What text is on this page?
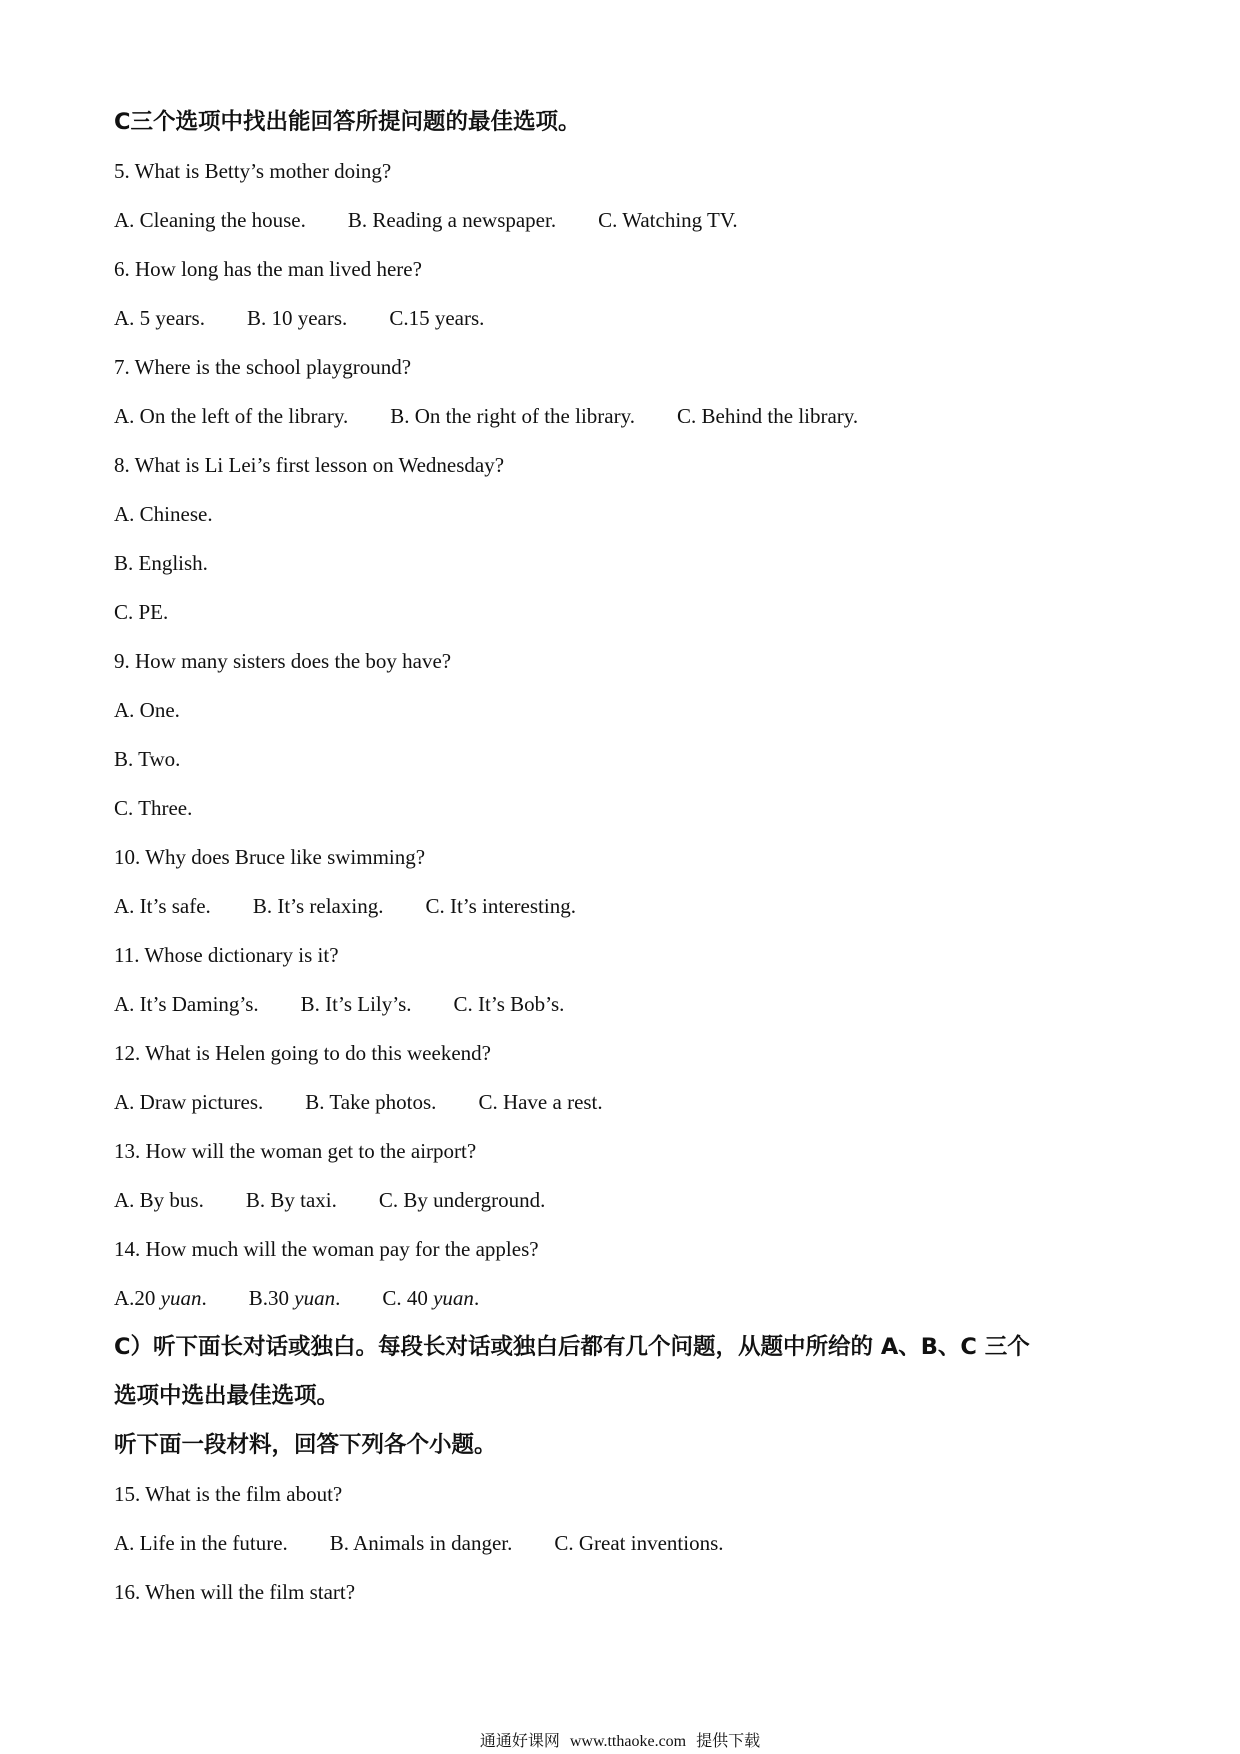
C三个选项中找出能回答所提问题的最佳选项。
5. What is Betty’s mother doing?
A. Cleaning the house. B. Reading a newspaper. C. Watching TV.
6. How long has the man lived here?
A. 5 years. B. 10 years. C.15 years.
7. Where is the school playground?
A. On the left of the library. B. On the right of the library. C. Behind the library.
8. What is Li Lei’s first lesson on Wednesday?
A. Chinese.
B. English.
C. PE.
9. How many sisters does the boy have?
A. One.
B. Two.
C. Three.
10. Why does Bruce like swimming?
A. It’s safe. B. It’s relaxing. C. It’s interesting.
11. Whose dictionary is it?
A. It’s Daming’s. B. It’s Lily’s. C. It’s Bob’s.
12. What is Helen going to do this weekend?
A. Draw pictures. B. Take photos. C. Have a rest.
13. How will the woman get to the airport?
A. By bus. B. By taxi. C. By underground.
14. How much will the woman pay for the apples?
A.20 yuan. B.30 yuan. C. 40 yuan.
C）听下面长对话或独白。每段长对话或独白后都有几个问题，从题中所给的 A、B、C 三个
选项中选出最佳选项。
听下面一段材料，回答下列各个小题。
15. What is the film about?
A. Life in the future. B. Animals in danger. C. Great inventions.
16. When will the film start?
通通好课网 www.tthaoke.com 提供下载
